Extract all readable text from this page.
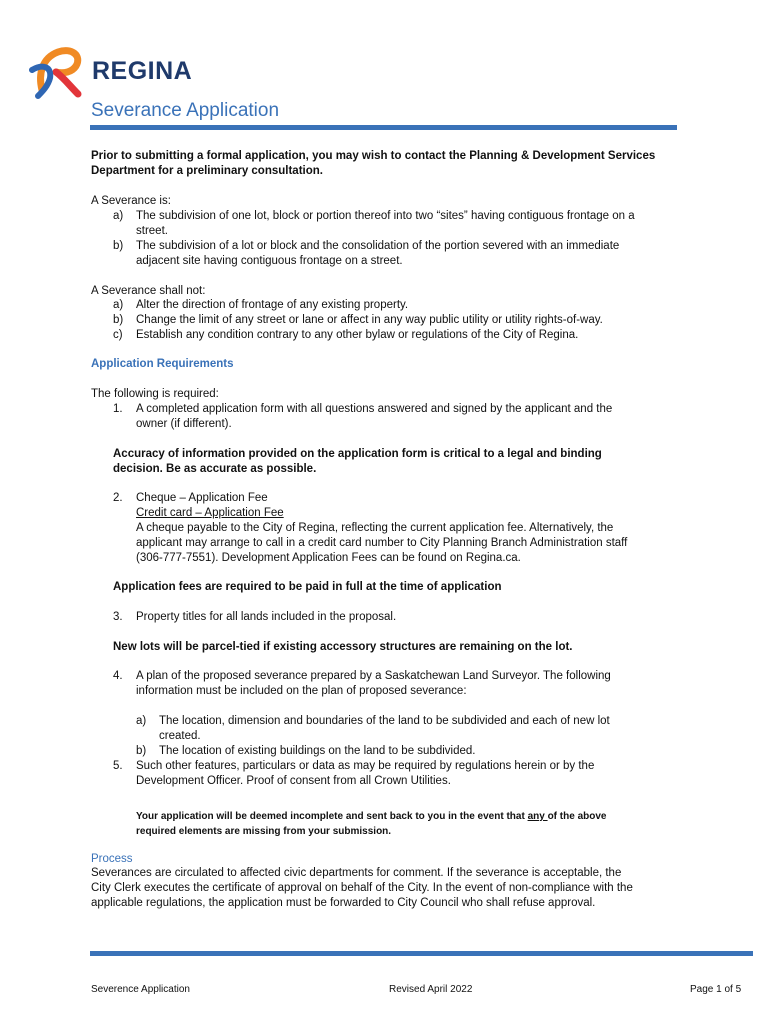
REGINA
Severance Application

Prior to submitting a formal application, you may wish to contact the Planning & Development Services Department for a preliminary consultation.

A Severance is:

a) The subdivision of one lot, block or portion thereof into two “sites” having contiguous frontage on a

street.

b) The subdivision of a lot or block and the consolidation of the portion severed with an immediate

adjacent site having contiguous frontage on a street.

A Severance shall not:

a) Alter the direction of frontage of any existing property.

b) Change the limit of any street or lane or affect in any way public utility or utility rights-of-way.

c) Establish any condition contrary to any other bylaw or regulations of the City of Regina.

Application Requirements

The following is required:

1. A completed application form with all questions answered and signed by the applicant and the

owner (if different).

Accuracy of information provided on the application form is critical to a legal and binding

decision. Be as accurate as possible.

2. Cheque – Application Fee

Credit card – Application Fee

A cheque payable to the City of Regina, reflecting the current application fee. Alternatively, the

applicant may arrange to call in a credit card number to City Planning Branch Administration staff

(306-777-7551). Development Application Fees can be found on Regina.ca.

Application fees are required to be paid in full at the time of application

3. Property titles for all lands included in the proposal.

New lots will be parcel-tied if existing accessory structures are remaining on the lot.

4. A plan of the proposed severance prepared by a Saskatchewan Land Surveyor. The following

information must be included on the plan of proposed severance:

a) The location, dimension and boundaries of the land to be subdivided and each of new lot

created.

b) The location of existing buildings on the land to be subdivided.

5. Such other features, particulars or data as may be required by regulations herein or by the

Development Officer. Proof of consent from all Crown Utilities.

Your application will be deemed incomplete and sent back to you in the event that any of the above

required elements are missing from your submission.

Process

Severances are circulated to affected civic departments for comment. If the severance is acceptable, the

City Clerk executes the certificate of approval on behalf of the City. In the event of non-compliance with the

applicable regulations, the application must be forwarded to City Council who shall refuse approval.

Severence Application	Revised April 2022	Page 1 of 5
